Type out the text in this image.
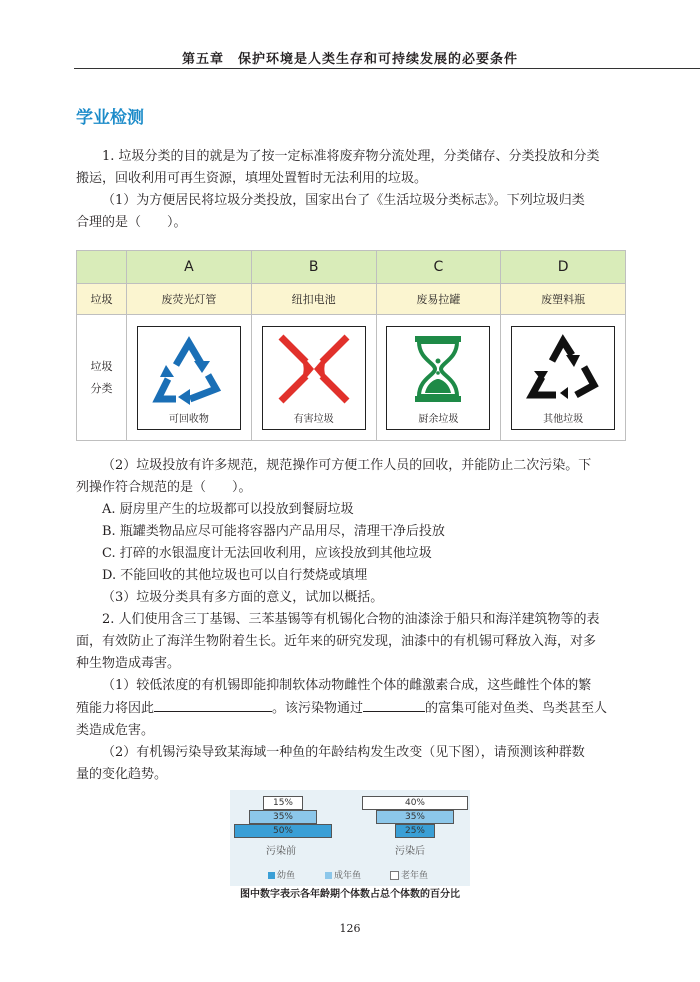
第五章　保护环境是人类生存和可持续发展的必要条件
学业检测
1. 垃圾分类的目的就是为了按一定标准将废弃物分流处理，分类储存、分类投放和分类
搬运，回收利用可再生资源，填埋处置暂时无法利用的垃圾。
（1）为方便居民将垃圾分类投放，国家出台了《生活垃圾分类标志》。下列垃圾归类
合理的是（　　）。
	A	B	C	D
垃圾	废荧光灯管	纽扣电池	废易拉罐	废塑料瓶

垃圾
分类	可回收物	有害垃圾	厨余垃圾	其他垃圾
（2）垃圾投放有许多规范，规范操作可方便工作人员的回收，并能防止二次污染。下
列操作符合规范的是（　　）。
A. 厨房里产生的垃圾都可以投放到餐厨垃圾
B. 瓶罐类物品应尽可能将容器内产品用尽，清理干净后投放
C. 打碎的水银温度计无法回收利用，应该投放到其他垃圾
D. 不能回收的其他垃圾也可以自行焚烧或填埋
（3）垃圾分类具有多方面的意义，试加以概括。
2. 人们使用含三丁基锡、三苯基锡等有机锡化合物的油漆涂于船只和海洋建筑物等的表
面，有效防止了海洋生物附着生长。近年来的研究发现，油漆中的有机锡可释放入海，对多
种生物造成毒害。
（1）较低浓度的有机锡即能抑制软体动物雌性个体的雌激素合成，这些雌性个体的繁
殖能力将因此	。该污染物通过	的富集可能对鱼类、鸟类甚至人
类造成危害。
（2）有机锡污染导致某海域一种鱼的年龄结构发生改变（见下图），请预测该种群数
量的变化趋势。
15%
35%
50%
污染前
40%
35%
25%
污染后
幼鱼	成年鱼	老年鱼
图中数字表示各年龄期个体数占总个体数的百分比
126
